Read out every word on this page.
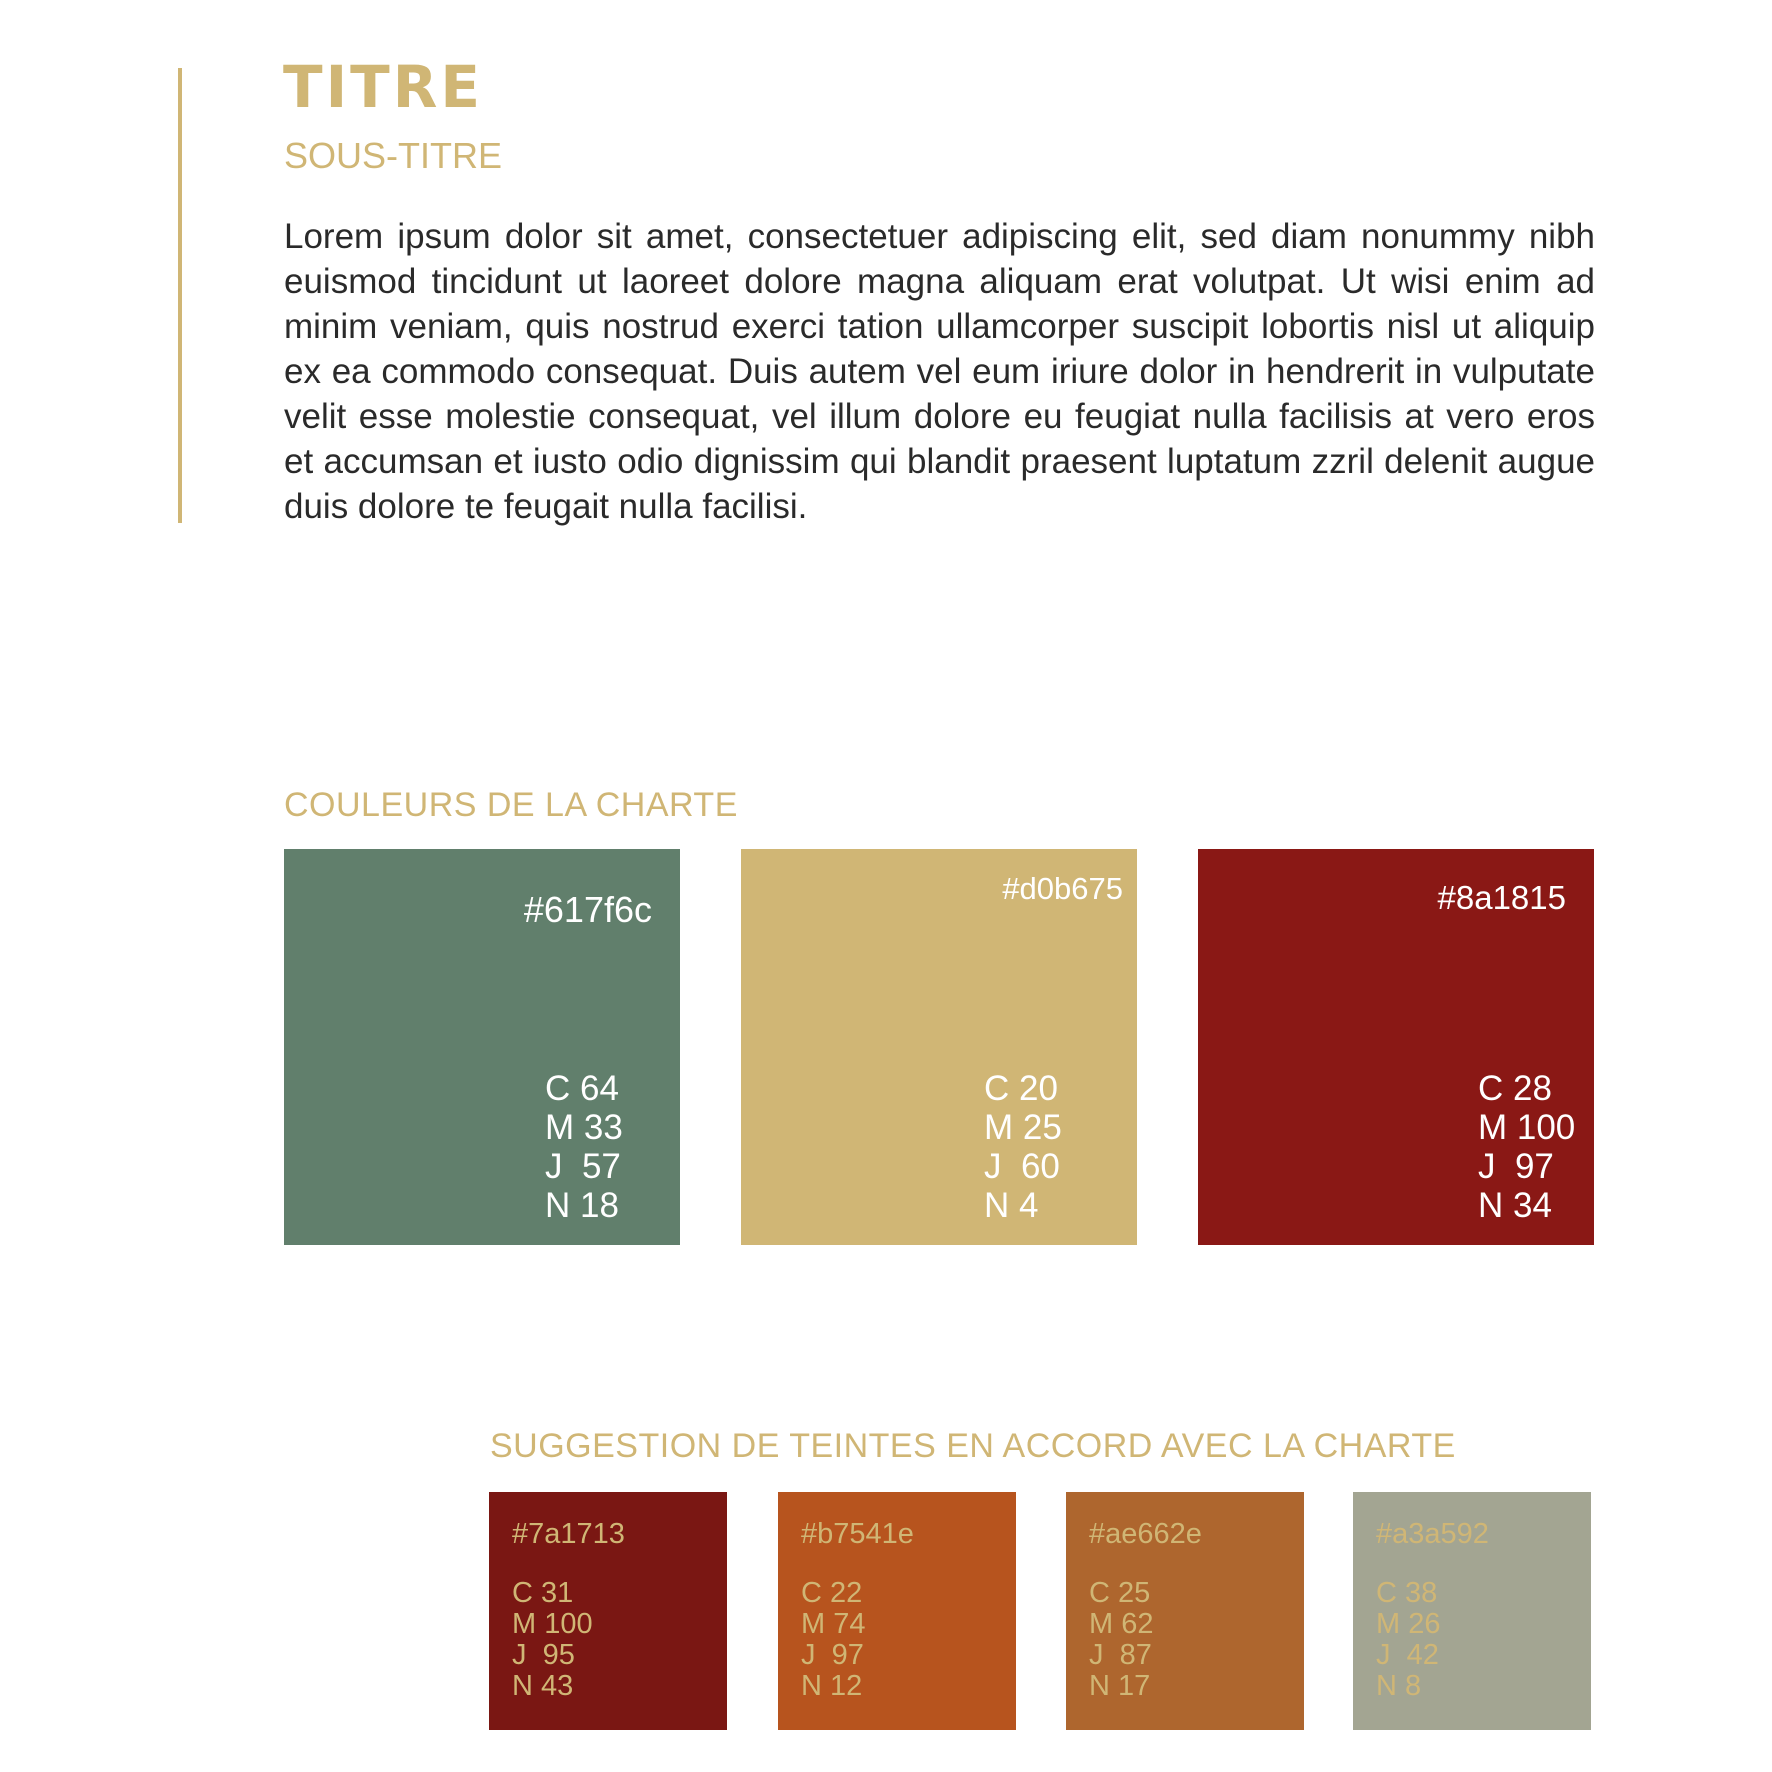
TITRE
SOUS-TITRE

Lorem ipsum dolor sit amet, consectetuer adipiscing elit, sed diam nonummy nibh euismod tincidunt ut laoreet dolore magna aliquam erat volutpat. Ut wisi enim ad minim veniam, quis nostrud exerci tation ullamcorper suscipit lobortis nisl ut aliquip ex ea commodo consequat. Duis autem vel eum iriure dolor in hendrerit in vulputate velit esse molestie consequat, vel illum dolore eu feugiat nulla facilisis at vero eros et accumsan et iusto odio dignissim qui blandit praesent luptatum zzril delenit augue duis dolore te feugait nulla facilisi.

COULEURS DE LA CHARTE
#617f6c
C 64
M 33
J  57
N 18
#d0b675
C 20
M 25
J  60
N 4
#8a1815
C 28
M 100
J  97
N 34
SUGGESTION DE TEINTES EN ACCORD AVEC LA CHARTE
#7a1713
C 31
M 100
J  95
N 43
#b7541e
C 22
M 74
J  97
N 12
#ae662e
C 25
M 62
J  87
N 17
#a3a592
C 38
M 26
J  42
N 8
